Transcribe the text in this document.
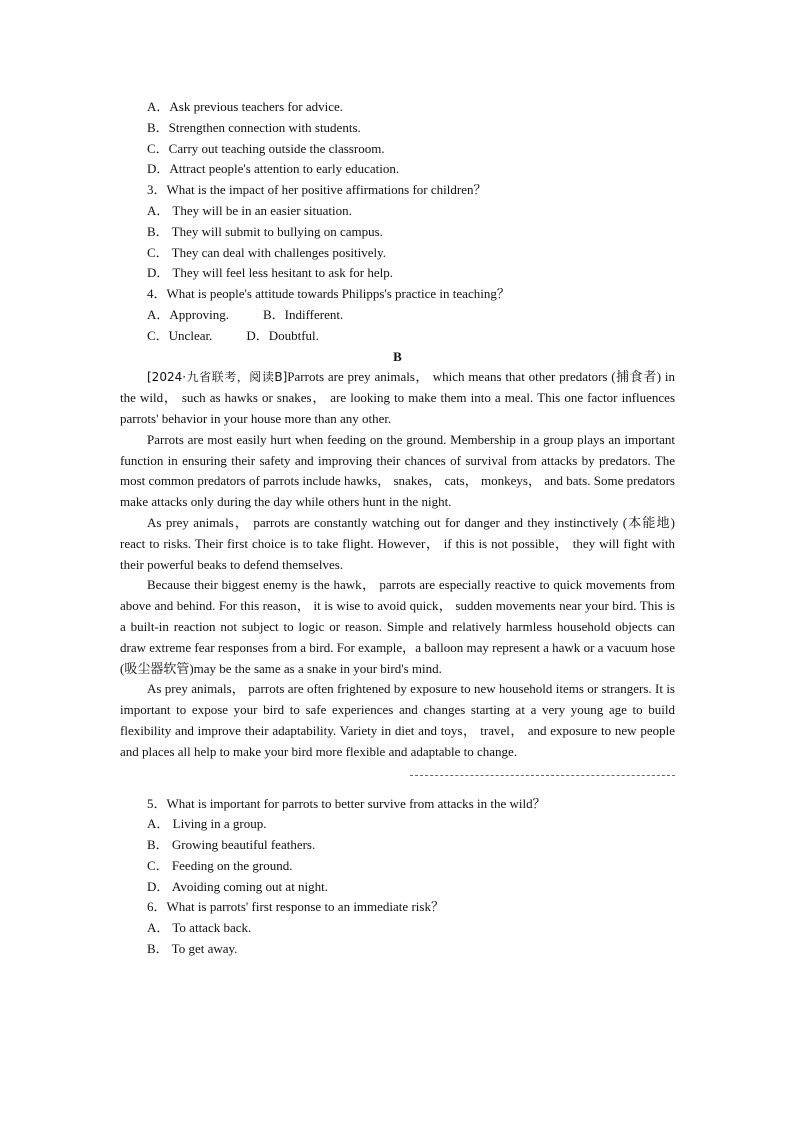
A．Ask previous teachers for advice.
B．Strengthen connection with students.
C．Carry out teaching outside the classroom.
D．Attract people's attention to early education.
3．What is the impact of her positive affirmations for children？
A． They will be in an easier situation.
B． They will submit to bullying on campus.
C． They can deal with challenges positively.
D． They will feel less hesitant to ask for help.
4．What is people's attitude towards Philipps's practice in teaching？
A．Approving.	B．Indifferent.
C．Unclear.	D．Doubtful.
B

[2024·九省联考，阅读B]Parrots are prey animals， which means that other predators (捕食者) in the wild， such as hawks or snakes， are looking to make them into a meal. This one factor influences parrots' behavior in your house more than any other.

Parrots are most easily hurt when feeding on the ground. Membership in a group plays an important function in ensuring their safety and improving their chances of survival from attacks by predators. The most common predators of parrots include hawks， snakes， cats， monkeys， and bats. Some predators make attacks only during the day while others hunt in the night.

As prey animals， parrots are constantly watching out for danger and they instinctively (本能地) react to risks. Their first choice is to take flight. However， if this is not possible， they will fight with their powerful beaks to defend themselves.

Because their biggest enemy is the hawk， parrots are especially reactive to quick movements from above and behind. For this reason， it is wise to avoid quick， sudden movements near your bird. This is a built-in reaction not subject to logic or reason. Simple and relatively harmless household objects can draw extreme fear responses from a bird. For example，a balloon may represent a hawk or a vacuum hose (吸尘器软管)may be the same as a snake in your bird's mind.

As prey animals， parrots are often frightened by exposure to new household items or strangers. It is important to expose your bird to safe experiences and changes starting at a very young age to build flexibility and improve their adaptability. Variety in diet and toys， travel， and exposure to new people and places all help to make your bird more flexible and adaptable to change.

5．What is important for parrots to better survive from attacks in the wild？
A． Living in a group.
B． Growing beautiful feathers.
C． Feeding on the ground.
D． Avoiding coming out at night.
6．What is parrots' first response to an immediate risk？
A． To attack back.
B． To get away.
